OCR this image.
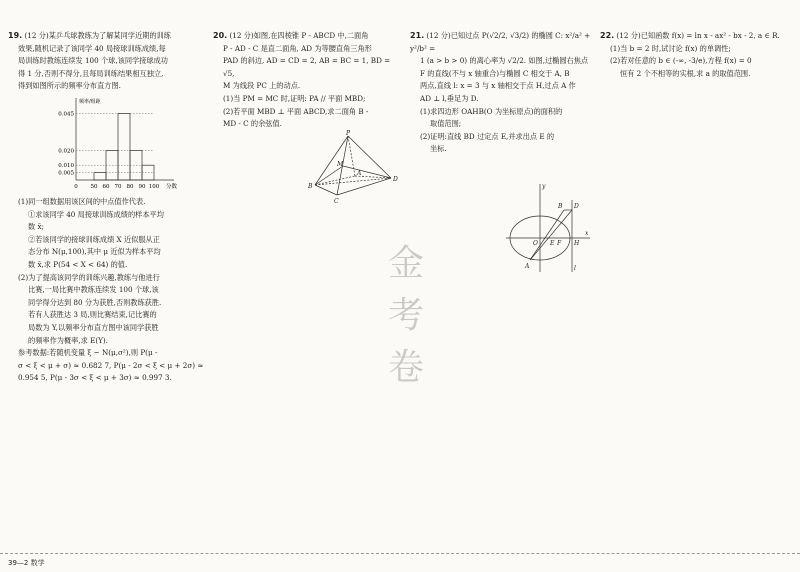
19. (12 分)某乒乓球教练为了解某同学近期的训练

效果,随机记录了该同学 40 局接球训练成绩,每

局训练时教练连续发 100 个球,该同学接球成功

得 1 分,否则不得分,且每局训练结果相互独立,

得到如图所示的频率分布直方图.

频率/组距
0.045
0.020
0.010
0.005
0 50 60 70 80 90 100 分数

(1)同一组数据用该区间的中点值作代表.

①求该同学 40 局接球训练成绩的样本平均

数 x̄;

②若该同学的接球训练成绩 X 近似服从正

态分布 N(μ,100),其中 μ 近似为样本平均

数 x̄,求 P(54 < X < 64) 的值.

(2)为了提高该同学的训练兴趣,教练与他进行

比赛,一局比赛中教练连续发 100 个球,该

同学得分达到 80 分为获胜,否则教练获胜.

若有人获胜达 3 局,则比赛结束,记比赛的

局数为 Y,以频率分布直方图中该同学获胜

的频率作为概率,求 E(Y).

参考数据:若随机变量 ξ ~ N(μ,σ²),则 P(μ -

σ < ξ < μ + σ) ≈ 0.682 7, P(μ - 2σ < ξ < μ + 2σ) ≈

0.954 5, P(μ - 3σ < ξ < μ + 3σ) ≈ 0.997 3.

20. (12 分)如图,在四棱锥 P - ABCD 中,二面角

P - AD - C 是直二面角, AD 为等腰直角三角形

PAD 的斜边, AD = CD = 2, AB = BC = 1, BD = √5,

M 为线段 PC 上的动点.

(1)当 PM = MC 时,证明: PA // 平面 MBD;

(2)若平面 MBD ⊥ 平面 ABCD,求二面角 B -

MD - C 的余弦值.

P
M
A
B
C
D

21. (12 分)已知过点 P(√2/2, √3/2) 的椭圆 C: x²/a² + y²/b² =

1 (a > b > 0) 的离心率为 √2/2. 如图,过椭圆右焦点

F 的直线(不与 x 轴重合)与椭圆 C 相交于 A, B

两点,直线 l: x = 3 与 x 轴相交于点 H,过点 A 作

AD ⊥ l,垂足为 D.

(1)求四边形 OAHB(O 为坐标原点)的面积的

取值范围;

(2)证明:直线 BD 过定点 E,并求出点 E 的

坐标.

y
x
O
A
B D
E F H
l

22. (12 分)已知函数 f(x) = ln x - ax² - bx - 2, a ∈ R.

(1)当 b = 2 时,试讨论 f(x) 的单调性;

(2)若对任意的 b ∈ (-∞, -3/e),方程 f(x) = 0

恒有 2 个不相等的实根,求 a 的取值范围.

金考卷
39—2 数学
